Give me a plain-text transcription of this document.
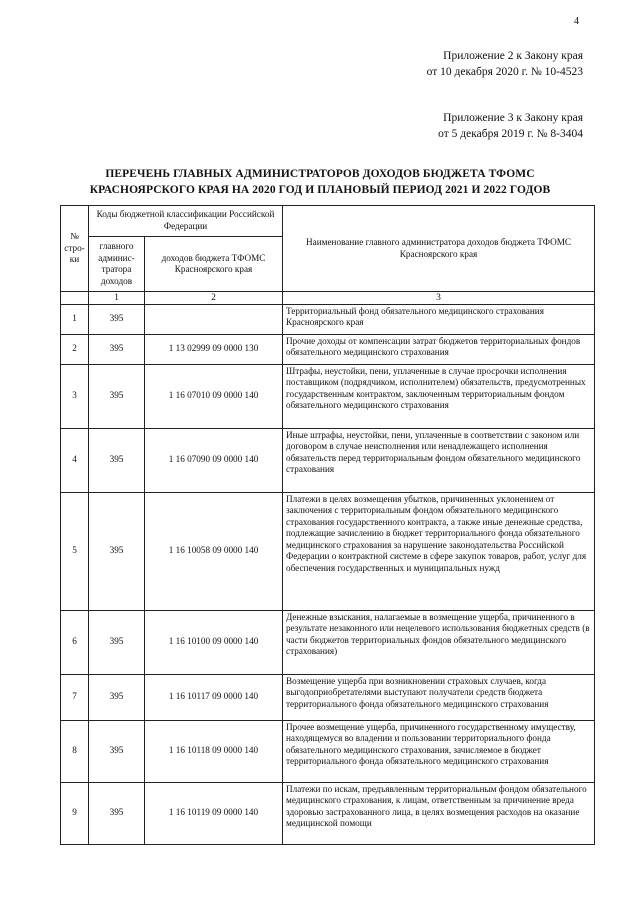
4
Приложение 2 к Закону края
от 10 декабря 2020 г. № 10-4523
Приложение 3 к Закону края
от 5 декабря 2019 г. № 8-3404
ПЕРЕЧЕНЬ ГЛАВНЫХ АДМИНИСТРАТОРОВ ДОХОДОВ БЮДЖЕТА ТФОМС
КРАСНОЯРСКОГО КРАЯ НА 2020 ГОД И ПЛАНОВЫЙ ПЕРИОД 2021 И 2022 ГОДОВ
№ стро-ки	Коды бюджетной классификации Российской Федерации		Наименование главного администратора доходов бюджета ТФОМС Красноярского края
	главного админис-тратора доходов	доходов бюджета ТФОМС Красноярского края	
	1	2	3
1	395		Территориальный фонд обязательного медицинского страхования Красноярского края
2	395	1 13 02999 09 0000 130	Прочие доходы от компенсации затрат бюджетов территориальных фондов обязательного медицинского страхования
3	395	1 16 07010 09 0000 140	Штрафы, неустойки, пени, уплаченные в случае просрочки исполнения поставщиком (подрядчиком, исполнителем) обязательств, предусмотренных государственным контрактом, заключенным территориальным фондом обязательного медицинского страхования
4	395	1 16 07090 09 0000 140	Иные штрафы, неустойки, пени, уплаченные в соответствии с законом или договором в случае неисполнения или ненадлежащего исполнения обязательств перед территориальным фондом обязательного медицинского страхования
5	395	1 16 10058 09 0000 140	Платежи в целях возмещения убытков, причиненных уклонением от заключения с территориальным фондом обязательного медицинского страхования государственного контракта, а также иные денежные средства, подлежащие зачислению в бюджет территориального фонда обязательного медицинского страхования за нарушение законодательства Российской Федерации о контрактной системе в сфере закупок товаров, работ, услуг для обеспечения государственных и муниципальных нужд
6	395	1 16 10100 09 0000 140	Денежные взыскания, налагаемые в возмещение ущерба, причиненного в результате незаконного или нецелевого использования бюджетных средств (в части бюджетов территориальных фондов обязательного медицинского страхования)
7	395	1 16 10117 09 0000 140	Возмещение ущерба при возникновении страховых случаев, когда выгодоприобретателями выступают получатели средств бюджета территориального фонда обязательного медицинского страхования
8	395	1 16 10118 09 0000 140	Прочее возмещение ущерба, причиненного государственному имуществу, находящемуся во владении и пользовании территориального фонда обязательного медицинского страхования, зачисляемое в бюджет территориального фонда обязательного медицинского страхования
9	395	1 16 10119 09 0000 140	Платежи по искам, предъявленным территориальным фондом обязательного медицинского страхования, к лицам, ответственным за причинение вреда здоровью застрахованного лица, в целях возмещения расходов на оказание медицинской помощи
